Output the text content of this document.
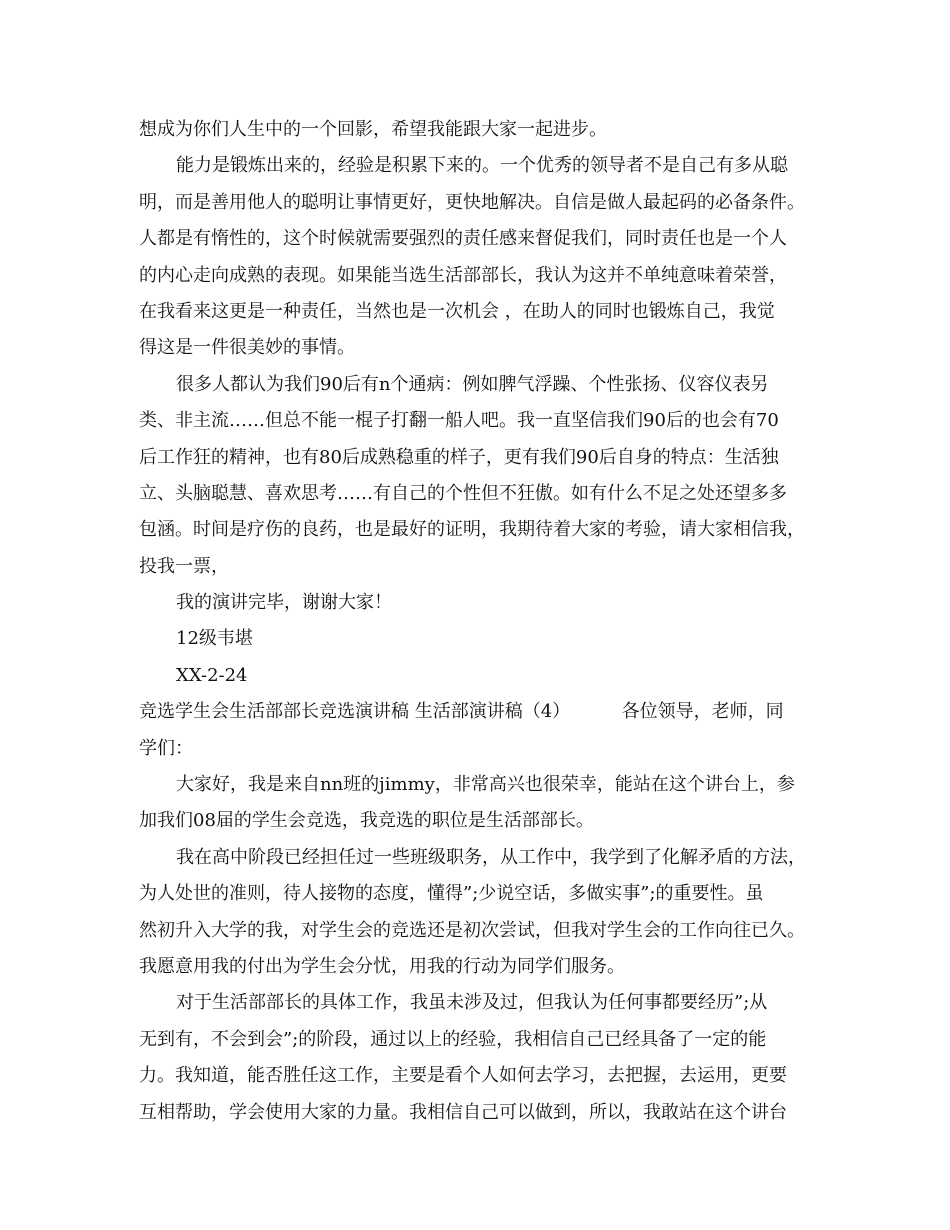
想成为你们人生中的一个回影，希望我能跟大家一起进步。
能力是锻炼出来的，经验是积累下来的。一个优秀的领导者不是自己有多从聪
明，而是善用他人的聪明让事情更好，更快地解决。自信是做人最起码的必备条件。
人都是有惰性的，这个时候就需要强烈的责任感来督促我们，同时责任也是一个人
的内心走向成熟的表现。如果能当选生活部部长，我认为这并不单纯意味着荣誉，
在我看来这更是一种责任，当然也是一次机会 ，在助人的同时也锻炼自己，我觉
得这是一件很美妙的事情。
很多人都认为我们90后有n个通病：例如脾气浮躁、个性张扬、仪容仪表另
类、非主流……但总不能一棍子打翻一船人吧。我一直坚信我们90后的也会有70
后工作狂的精神，也有80后成熟稳重的样子，更有我们90后自身的特点：生活独
立、头脑聪慧、喜欢思考……有自己的个性但不狂傲。如有什么不足之处还望多多
包涵。时间是疗伤的良药，也是最好的证明，我期待着大家的考验，请大家相信我，
投我一票，
我的演讲完毕，谢谢大家！
12级韦堪
XX-2-24
竞选学生会生活部部长竞选演讲稿 生活部演讲稿（4）         各位领导，老师，同
学们：
大家好，我是来自nn班的jimmy，非常高兴也很荣幸，能站在这个讲台上，参
加我们08届的学生会竞选，我竞选的职位是生活部部长。
我在高中阶段已经担任过一些班级职务，从工作中，我学到了化解矛盾的方法，
为人处世的准则，待人接物的态度，懂得”;少说空话，多做实事”;的重要性。虽
然初升入大学的我，对学生会的竞选还是初次尝试，但我对学生会的工作向往已久。
我愿意用我的付出为学生会分忧，用我的行动为同学们服务。
对于生活部部长的具体工作，我虽未涉及过，但我认为任何事都要经历”;从
无到有，不会到会”;的阶段，通过以上的经验，我相信自己已经具备了一定的能
力。我知道，能否胜任这工作，主要是看个人如何去学习，去把握，去运用，更要
互相帮助，学会使用大家的力量。我相信自己可以做到，所以，我敢站在这个讲台
